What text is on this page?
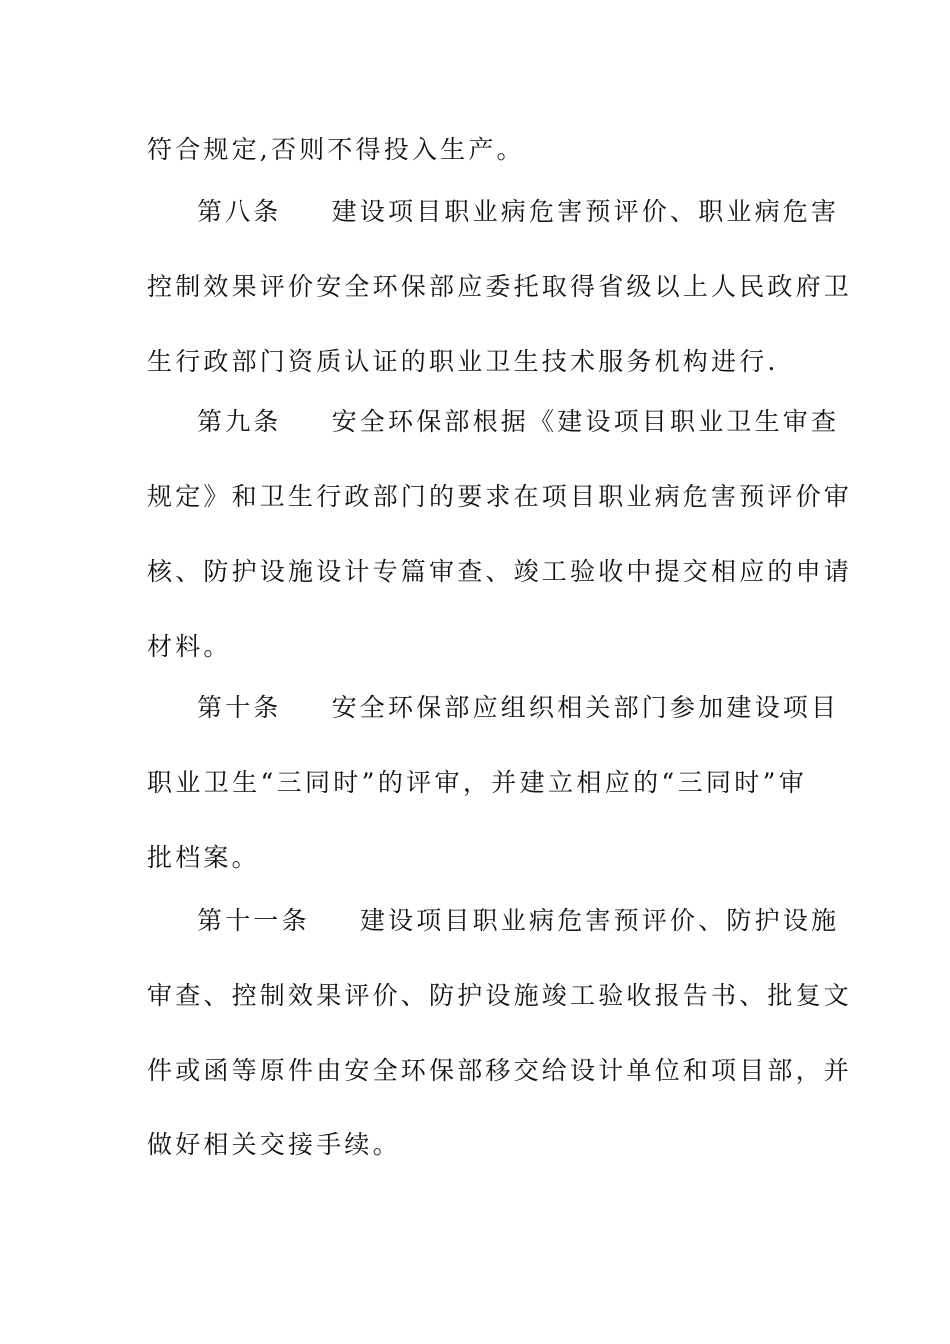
符合规定,否则不得投入生产。
第八条 建设项目职业病危害预评价、职业病危害
控制效果评价安全环保部应委托取得省级以上人民政府卫
生行政部门资质认证的职业卫生技术服务机构进行.
第九条 安全环保部根据《建设项目职业卫生审查
规定》和卫生行政部门的要求在项目职业病危害预评价审
核、防护设施设计专篇审查、竣工验收中提交相应的申请
材料。
第十条 安全环保部应组织相关部门参加建设项目
职业卫生“三同时”的评审，并建立相应的“三同时”审
批档案。
第十一条 建设项目职业病危害预评价、防护设施
审查、控制效果评价、防护设施竣工验收报告书、批复文
件或函等原件由安全环保部移交给设计单位和项目部，并
做好相关交接手续。
